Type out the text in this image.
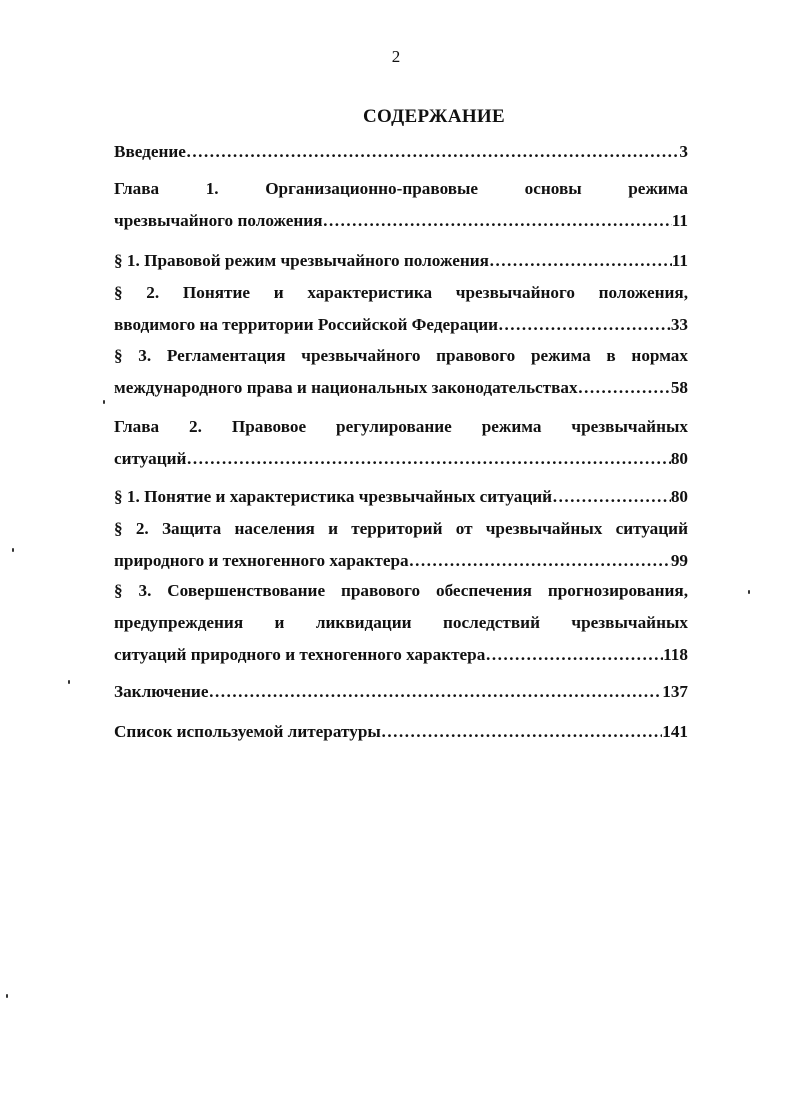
2
СОДЕРЖАНИЕ
Введение ……………………………………………………………………………………………………………………………………………………	3
Глава 1. Организационно-правовые основы режима
чрезвычайного положения ……………………………………………………………………………………………………………………………………………………	11
§ 1. Правовой режим чрезвычайного положения ……………………………………………………………………………………………………………………………………………………	11
§ 2. Понятие и характеристика чрезвычайного положения,
вводимого на территории Российской Федерации ……………………………………………………………………………………………………………………………………………………	33
§ 3. Регламентация чрезвычайного правового режима в нормах
международного права и национальных законодательствах ……………………………………………………………………………………………………………………………………………………	58
Глава 2. Правовое регулирование режима чрезвычайных
ситуаций ……………………………………………………………………………………………………………………………………………………	80
§ 1. Понятие и характеристика чрезвычайных ситуаций ……………………………………………………………………………………………………………………………………………………	80
§ 2. Защита населения и территорий от чрезвычайных ситуаций
природного и техногенного характера ……………………………………………………………………………………………………………………………………………………	99
§ 3. Совершенствование правового обеспечения прогнозирования,
предупреждения и ликвидации последствий чрезвычайных
ситуаций природного и техногенного характера ……………………………………………………………………………………………………………………………………………………	118
Заключение ……………………………………………………………………………………………………………………………………………………	137
Список используемой литературы ……………………………………………………………………………………………………………………………………………………	141
